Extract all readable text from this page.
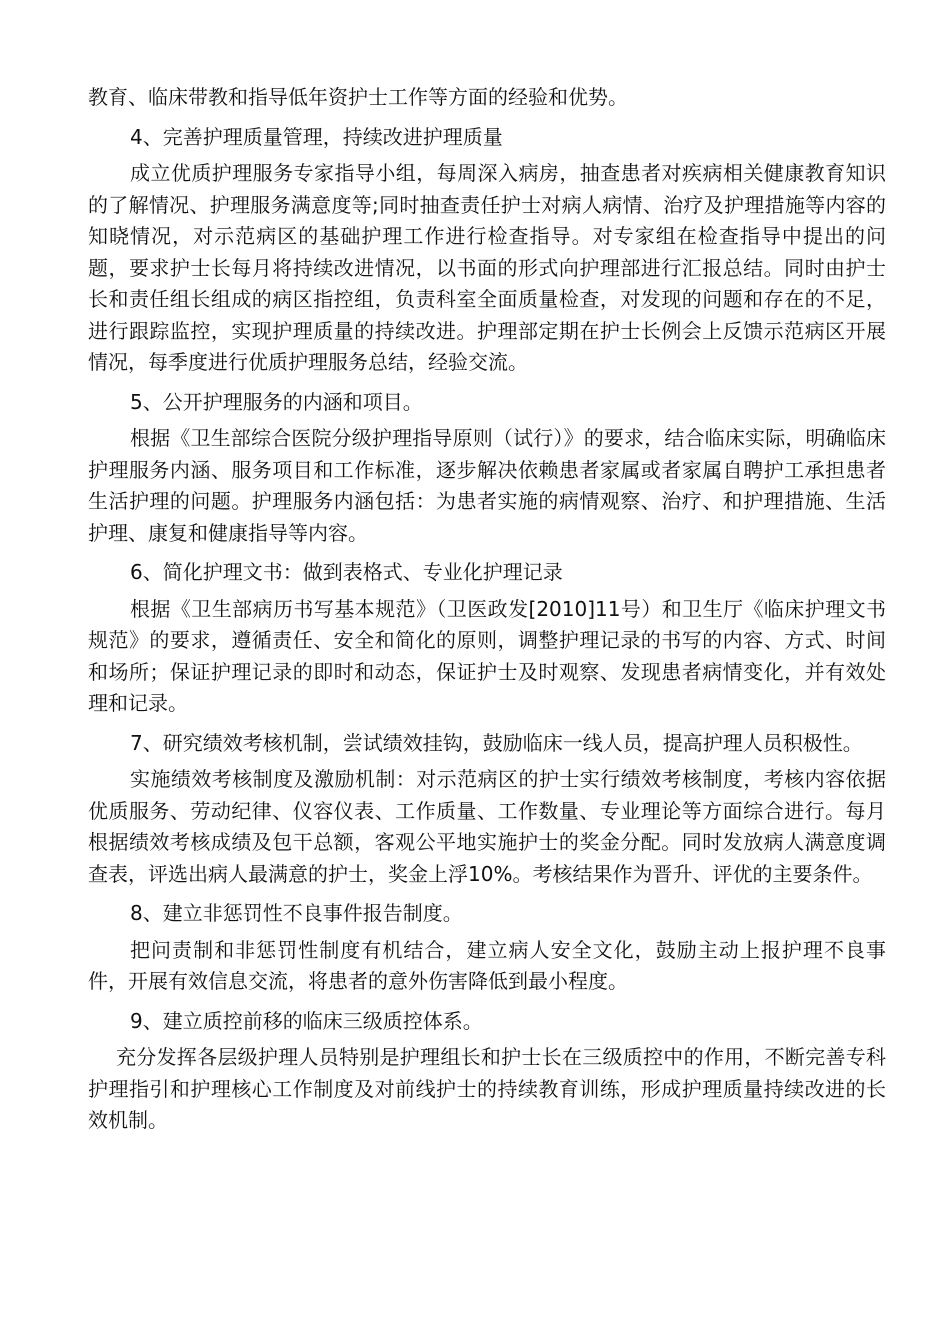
教育、临床带教和指导低年资护士工作等方面的经验和优势。

4、完善护理质量管理，持续改进护理质量

成立优质护理服务专家指导小组，每周深入病房，抽查患者对疾病相关健康教育知识的了解情况、护理服务满意度等;同时抽查责任护士对病人病情、治疗及护理措施等内容的知晓情况，对示范病区的基础护理工作进行检查指导。对专家组在检查指导中提出的问题，要求护士长每月将持续改进情况，以书面的形式向护理部进行汇报总结。同时由护士长和责任组长组成的病区指控组，负责科室全面质量检查，对发现的问题和存在的不足，进行跟踪监控，实现护理质量的持续改进。护理部定期在护士长例会上反馈示范病区开展情况，每季度进行优质护理服务总结，经验交流。

5、公开护理服务的内涵和项目。

根据《卫生部综合医院分级护理指导原则（试行）》的要求，结合临床实际，明确临床护理服务内涵、服务项目和工作标准，逐步解决依赖患者家属或者家属自聘护工承担患者生活护理的问题。护理服务内涵包括：为患者实施的病情观察、治疗、和护理措施、生活护理、康复和健康指导等内容。

6、简化护理文书：做到表格式、专业化护理记录

根据《卫生部病历书写基本规范》（卫医政发[2010]11号）和卫生厅《临床护理文书规范》的要求，遵循责任、安全和简化的原则，调整护理记录的书写的内容、方式、时间和场所；保证护理记录的即时和动态，保证护士及时观察、发现患者病情变化，并有效处理和记录。

7、研究绩效考核机制，尝试绩效挂钩，鼓励临床一线人员，提高护理人员积极性。

实施绩效考核制度及激励机制：对示范病区的护士实行绩效考核制度，考核内容依据优质服务、劳动纪律、仪容仪表、工作质量、工作数量、专业理论等方面综合进行。每月根据绩效考核成绩及包干总额，客观公平地实施护士的奖金分配。同时发放病人满意度调查表，评选出病人最满意的护士，奖金上浮10%。考核结果作为晋升、评优的主要条件。

8、建立非惩罚性不良事件报告制度。

把问责制和非惩罚性制度有机结合，建立病人安全文化，鼓励主动上报护理不良事件，开展有效信息交流，将患者的意外伤害降低到最小程度。

9、建立质控前移的临床三级质控体系。

充分发挥各层级护理人员特别是护理组长和护士长在三级质控中的作用，不断完善专科护理指引和护理核心工作制度及对前线护士的持续教育训练，形成护理质量持续改进的长效机制。
